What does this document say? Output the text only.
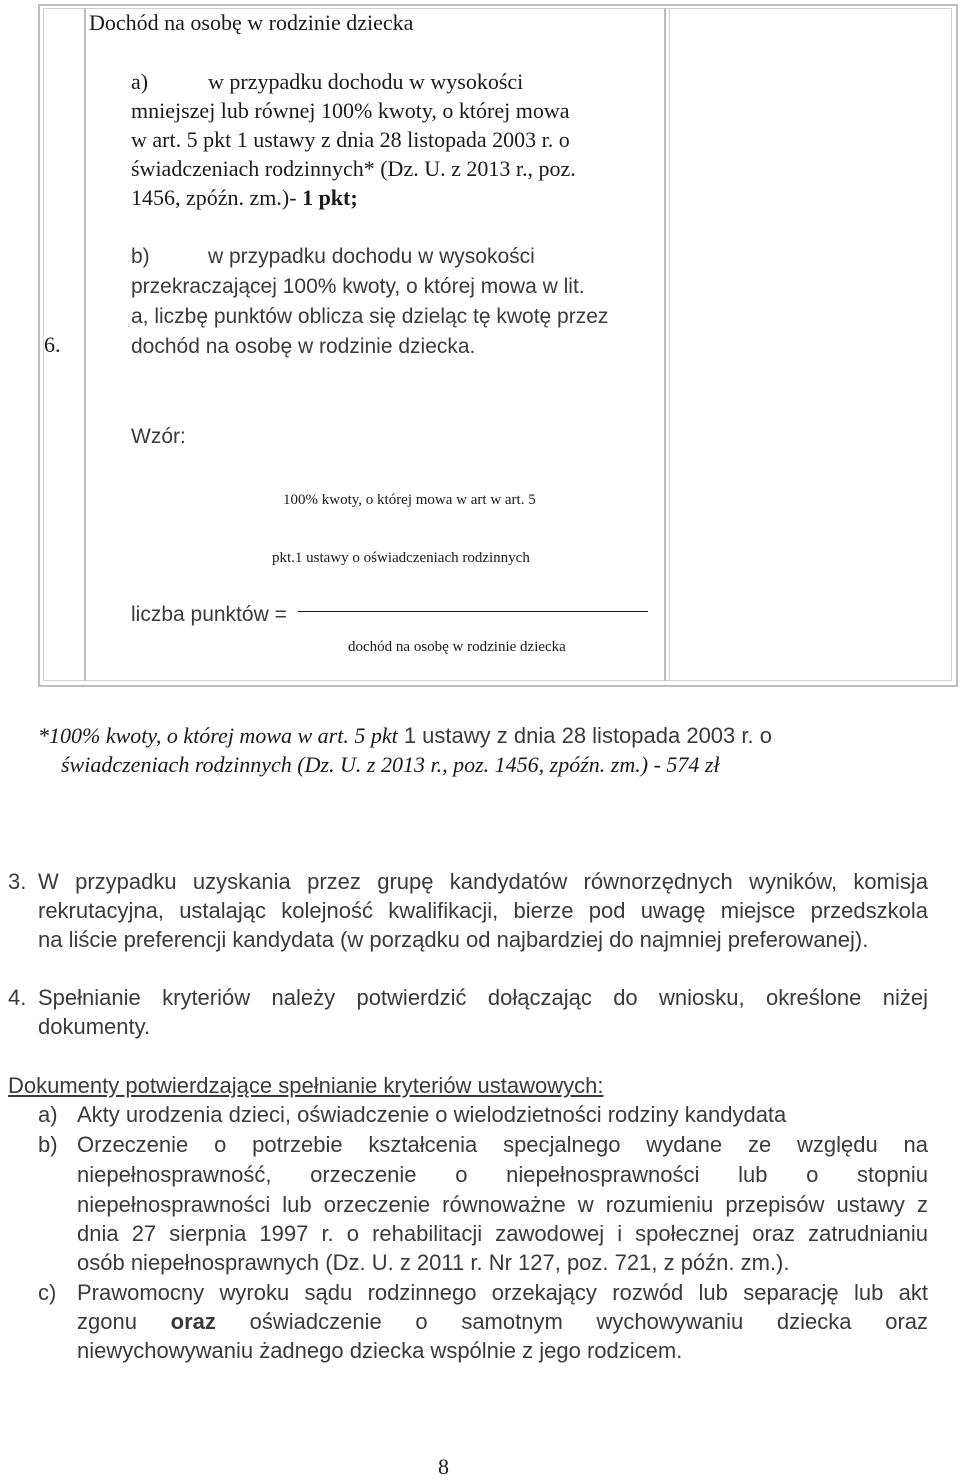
6.
Dochód na osobę w rodzinie dziecka
a)	w przypadku dochodu w wysokości
mniejszej lub równej 100% kwoty, o której mowa
w art. 5 pkt 1 ustawy z dnia 28 listopada 2003 r. o
świadczeniach rodzinnych* (Dz. U. z 2013 r., poz.
1456, zpóźn. zm.)- 1 pkt;
b)	w przypadku dochodu w wysokości
przekraczającej 100% kwoty, o której mowa w lit.
a, liczbę punktów oblicza się dzieląc tę kwotę przez
dochód na osobę w rodzinie dziecka.
Wzór:
100% kwoty, o której mowa w art w art. 5
pkt.1 ustawy o oświadczeniach rodzinnych
liczba punktów =
dochód na osobę w rodzinie dziecka
*100% kwoty, o której mowa w art. 5 pkt 1 ustawy z dnia 28 listopada 2003 r. o
świadczeniach rodzinnych (Dz. U. z 2013 r., poz. 1456, zpóźn. zm.) - 574 zł
3. W przypadku uzyskania przez grupę kandydatów równorzędnych wyników, komisja
rekrutacyjna, ustalając kolejność kwalifikacji, bierze pod uwagę miejsce przedszkola
na liście preferencji kandydata (w porządku od najbardziej do najmniej preferowanej).
4. Spełnianie kryteriów należy potwierdzić dołączając do wniosku, określone niżej
dokumenty.
Dokumenty potwierdzające spełnianie kryteriów ustawowych:
a) Akty urodzenia dzieci, oświadczenie o wielodzietności rodziny kandydata
b) Orzeczenie o potrzebie kształcenia specjalnego wydane ze względu na
niepełnosprawność, orzeczenie o niepełnosprawności lub o stopniu
niepełnosprawności lub orzeczenie równoważne w rozumieniu przepisów ustawy z
dnia 27 sierpnia 1997 r. o rehabilitacji zawodowej i społecznej oraz zatrudnianiu
osób niepełnosprawnych (Dz. U. z 2011 r. Nr 127, poz. 721, z późn. zm.).
c) Prawomocny wyroku sądu rodzinnego orzekający rozwód lub separację lub akt
zgonu oraz oświadczenie o samotnym wychowywaniu dziecka oraz
niewychowywaniu żadnego dziecka wspólnie z jego rodzicem.
8
